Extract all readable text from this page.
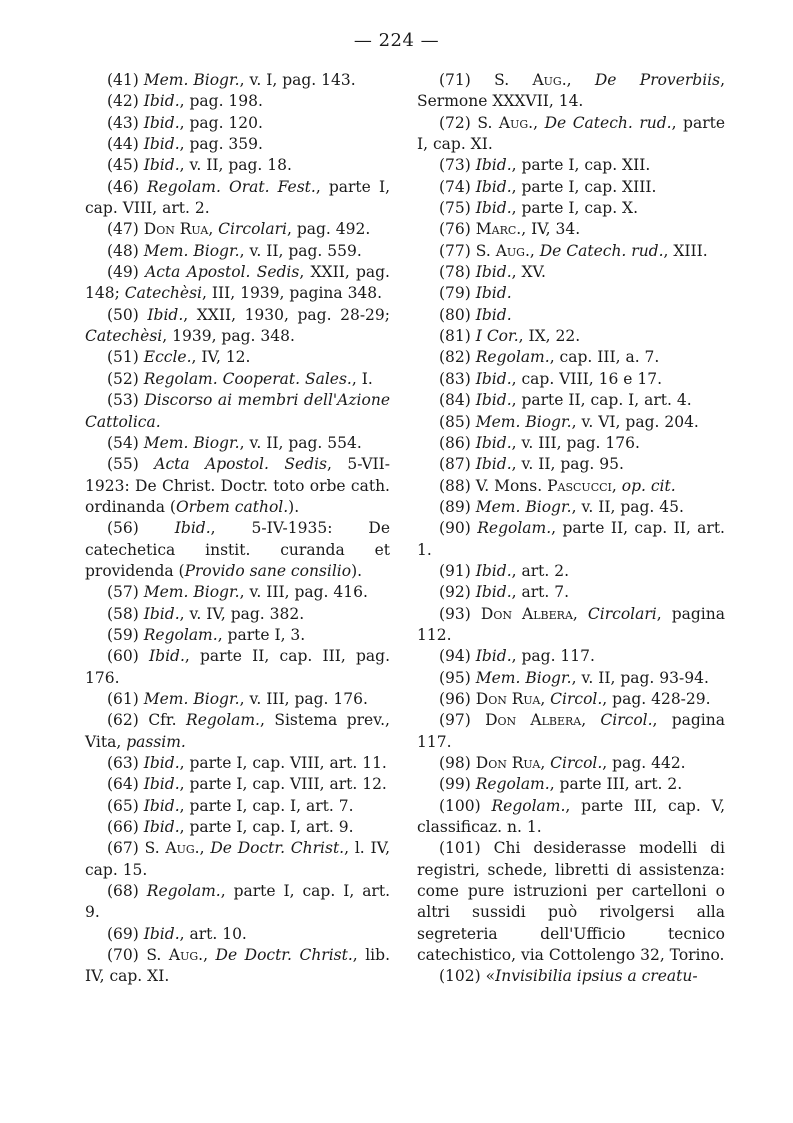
— 224 —

(41) Mem. Biogr., v. I, pag. 143.

(42) Ibid., pag. 198.

(43) Ibid., pag. 120.

(44) Ibid., pag. 359.

(45) Ibid., v. II, pag. 18.

(46) Regolam. Orat. Fest., parte I, cap. VIII, art. 2.

(47) Don Rua, Circolari, pag. 492.

(48) Mem. Biogr., v. II, pag. 559.

(49) Acta Apostol. Sedis, XXII, pag. 148; Catechèsi, III, 1939, pagina 348.

(50) Ibid., XXII, 1930, pag. 28-29; Catechèsi, 1939, pag. 348.

(51) Eccle., IV, 12.

(52) Regolam. Cooperat. Sales., I.

(53) Discorso ai membri dell'Azione Cattolica.

(54) Mem. Biogr., v. II, pag. 554.

(55) Acta Apostol. Sedis, 5-VII-1923: De Christ. Doctr. toto orbe cath. ordinanda (Orbem cathol.).

(56) Ibid., 5-IV-1935: De catechetica instit. curanda et providenda (Provido sane consilio).

(57) Mem. Biogr., v. III, pag. 416.

(58) Ibid., v. IV, pag. 382.

(59) Regolam., parte I, 3.

(60) Ibid., parte II, cap. III, pag. 176.

(61) Mem. Biogr., v. III, pag. 176.

(62) Cfr. Regolam., Sistema prev., Vita, passim.

(63) Ibid., parte I, cap. VIII, art. 11.

(64) Ibid., parte I, cap. VIII, art. 12.

(65) Ibid., parte I, cap. I, art. 7.

(66) Ibid., parte I, cap. I, art. 9.

(67) S. Aug., De Doctr. Christ., l. IV, cap. 15.

(68) Regolam., parte I, cap. I, art. 9.

(69) Ibid., art. 10.

(70) S. Aug., De Doctr. Christ., lib. IV, cap. XI.

(71) S. Aug., De Proverbiis, Sermone XXXVII, 14.

(72) S. Aug., De Catech. rud., parte I, cap. XI.

(73) Ibid., parte I, cap. XII.

(74) Ibid., parte I, cap. XIII.

(75) Ibid., parte I, cap. X.

(76) Marc., IV, 34.

(77) S. Aug., De Catech. rud., XIII.

(78) Ibid., XV.

(79) Ibid.

(80) Ibid.

(81) I Cor., IX, 22.

(82) Regolam., cap. III, a. 7.

(83) Ibid., cap. VIII, 16 e 17.

(84) Ibid., parte II, cap. I, art. 4.

(85) Mem. Biogr., v. VI, pag. 204.

(86) Ibid., v. III, pag. 176.

(87) Ibid., v. II, pag. 95.

(88) V. Mons. Pascucci, op. cit.

(89) Mem. Biogr., v. II, pag. 45.

(90) Regolam., parte II, cap. II, art. 1.

(91) Ibid., art. 2.

(92) Ibid., art. 7.

(93) Don Albera, Circolari, pagina 112.

(94) Ibid., pag. 117.

(95) Mem. Biogr., v. II, pag. 93-94.

(96) Don Rua, Circol., pag. 428-29.

(97) Don Albera, Circol., pagina 117.

(98) Don Rua, Circol., pag. 442.

(99) Regolam., parte III, art. 2.

(100) Regolam., parte III, cap. V, classificaz. n. 1.

(101) Chi desiderasse modelli di registri, schede, libretti di assistenza: come pure istruzioni per cartelloni o altri sussidi può rivolgersi alla segreteria dell'Ufficio tecnico catechistico, via Cottolengo 32, Torino.

(102) «Invisibilia ipsius a creatu-
